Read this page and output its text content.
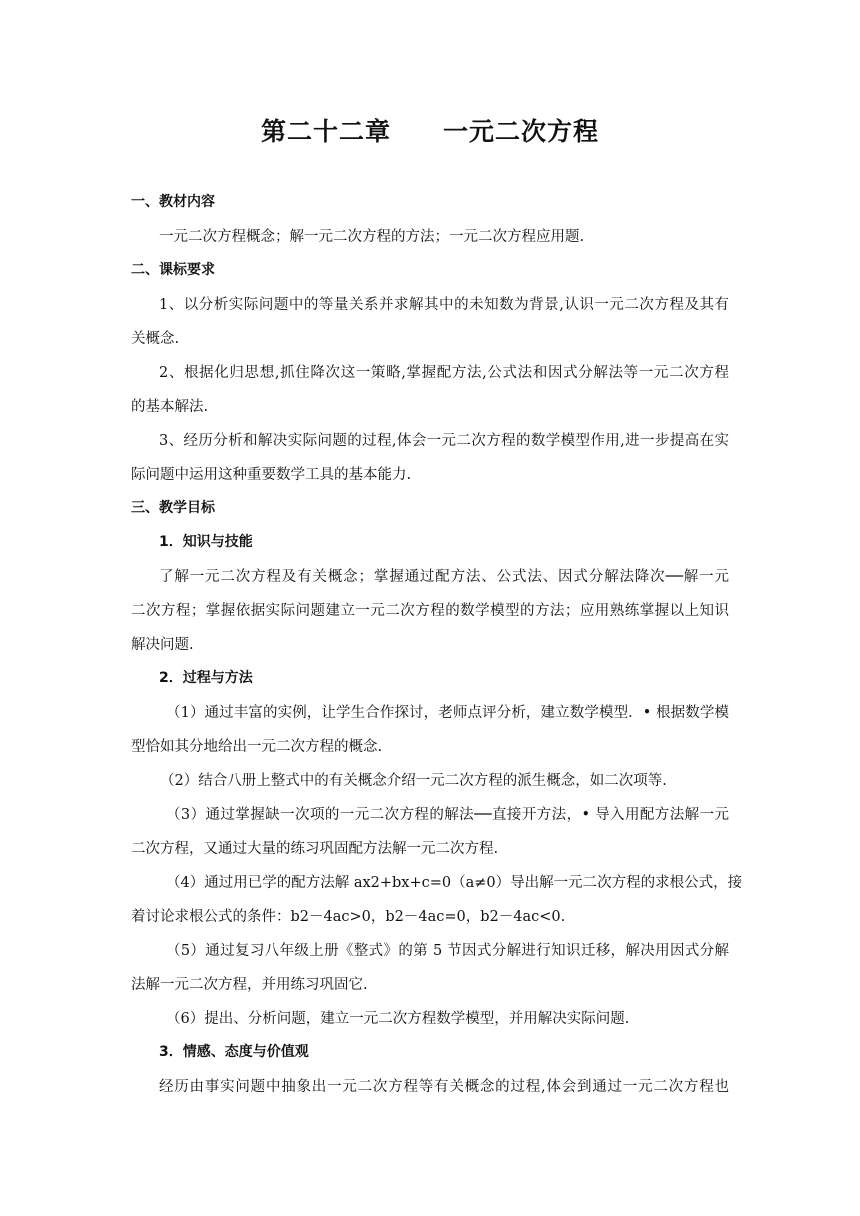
第二十二章 一元二次方程
一、教材内容
一元二次方程概念；解一元二次方程的方法；一元二次方程应用题.
二、课标要求
1、以分析实际问题中的等量关系并求解其中的未知数为背景,认识一元二次方程及其有
关概念.
2、根据化归思想,抓住降次这一策略,掌握配方法,公式法和因式分解法等一元二次方程
的基本解法.
3、经历分析和解决实际问题的过程,体会一元二次方程的数学模型作用,进一步提高在实
际问题中运用这种重要数学工具的基本能力.
三、教学目标
1．知识与技能
了解一元二次方程及有关概念；掌握通过配方法、公式法、因式分解法降次──解一元
二次方程；掌握依据实际问题建立一元二次方程的数学模型的方法；应用熟练掌握以上知识
解决问题.
2．过程与方法
（1）通过丰富的实例，让学生合作探讨，老师点评分析，建立数学模型．• 根据数学模
型恰如其分地给出一元二次方程的概念.
（2）结合八册上整式中的有关概念介绍一元二次方程的派生概念，如二次项等.
（3）通过掌握缺一次项的一元二次方程的解法──直接开方法，• 导入用配方法解一元
二次方程，又通过大量的练习巩固配方法解一元二次方程.
（4）通过用已学的配方法解 ax2+bx+c=0（a≠0）导出解一元二次方程的求根公式，接
着讨论求根公式的条件：b2－4ac>0，b2－4ac=0，b2－4ac<0.
（5）通过复习八年级上册《整式》的第 5 节因式分解进行知识迁移，解决用因式分解
法解一元二次方程，并用练习巩固它.
（6）提出、分析问题，建立一元二次方程数学模型，并用解决实际问题.
3．情感、态度与价值观
经历由事实问题中抽象出一元二次方程等有关概念的过程,体会到通过一元二次方程也
